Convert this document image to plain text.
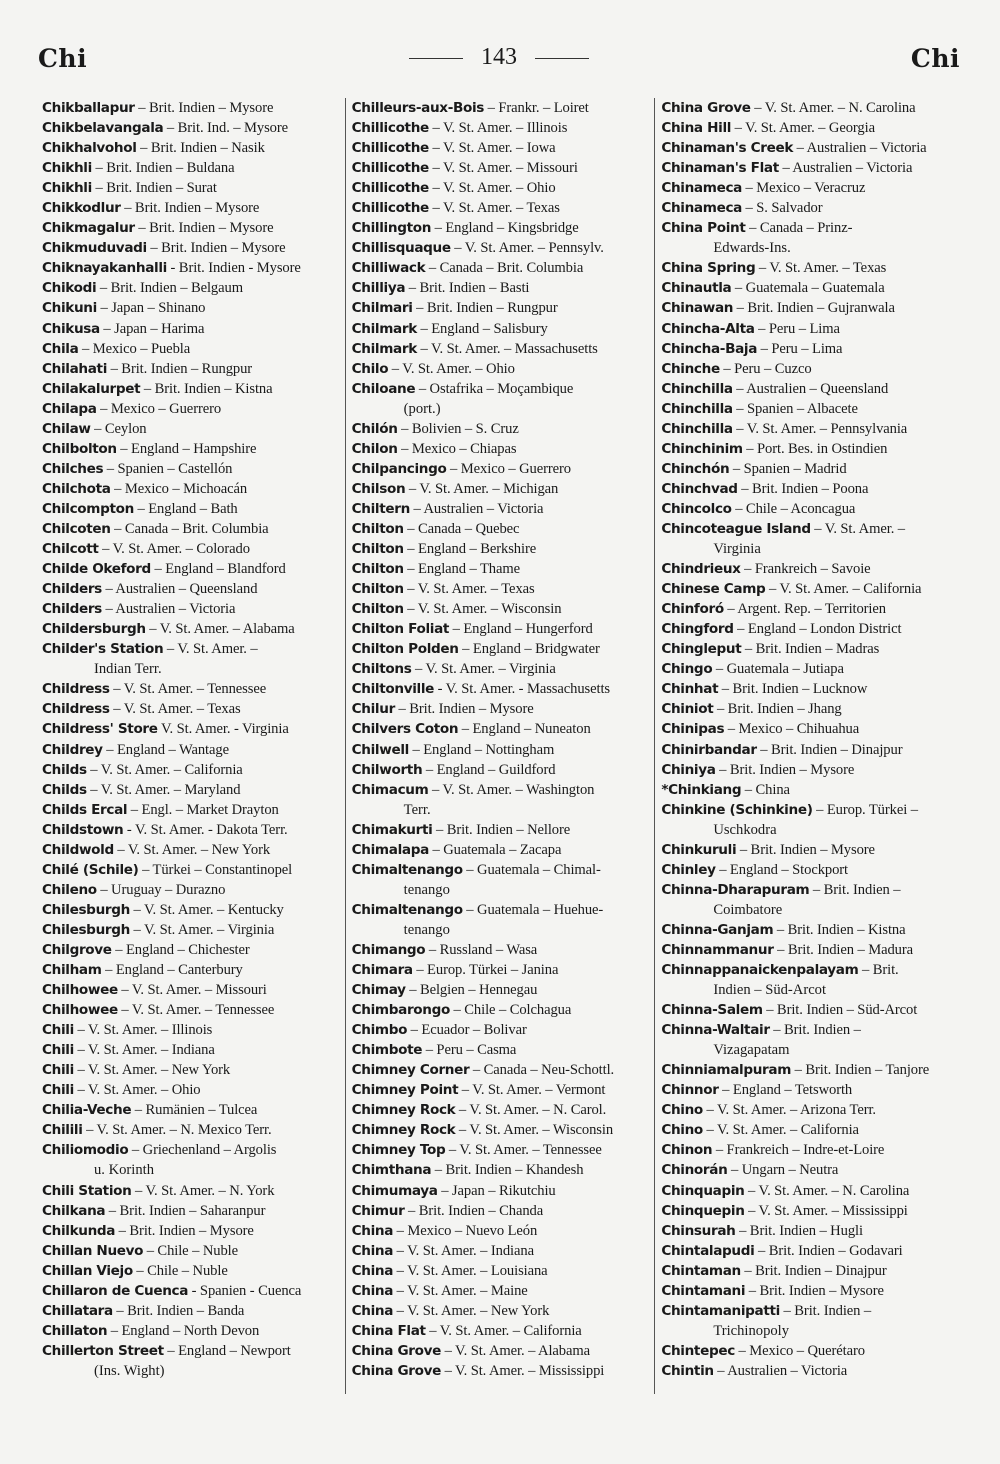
Chi	143	Chi
Chikballapur – Brit. Indien – Mysore
Chikbelavangala – Brit. Ind. – Mysore
Chikhalvohol – Brit. Indien – Nasik
Chikhli – Brit. Indien – Buldana
Chikhli – Brit. Indien – Surat
Chikkodlur – Brit. Indien – Mysore
Chikmagalur – Brit. Indien – Mysore
Chikmuduvadi – Brit. Indien – Mysore
Chiknayakanhalli - Brit. Indien - Mysore
Chikodi – Brit. Indien – Belgaum
Chikuni – Japan – Shinano
Chikusa – Japan – Harima
Chila – Mexico – Puebla
Chilahati – Brit. Indien – Rungpur
Chilakalurpet – Brit. Indien – Kistna
Chilapa – Mexico – Guerrero
Chilaw – Ceylon
Chilbolton – England – Hampshire
Chilches – Spanien – Castellón
Chilchota – Mexico – Michoacán
Chilcompton – England – Bath
Chilcoten – Canada – Brit. Columbia
Chilcott – V. St. Amer. – Colorado
Childe Okeford – England – Blandford
Childers – Australien – Queensland
Childers – Australien – Victoria
Childersburgh – V. St. Amer. – Alabama
Childer's Station – V. St. Amer. –
Indian Terr.
Childress – V. St. Amer. – Tennessee
Childress – V. St. Amer. – Texas
Childress' Store V. St. Amer. - Virginia
Childrey – England – Wantage
Childs – V. St. Amer. – California
Childs – V. St. Amer. – Maryland
Childs Ercal – Engl. – Market Drayton
Childstown - V. St. Amer. - Dakota Terr.
Childwold – V. St. Amer. – New York
Chilé (Schile) – Türkei – Constantinopel
Chileno – Uruguay – Durazno
Chilesburgh – V. St. Amer. – Kentucky
Chilesburgh – V. St. Amer. – Virginia
Chilgrove – England – Chichester
Chilham – England – Canterbury
Chilhowee – V. St. Amer. – Missouri
Chilhowee – V. St. Amer. – Tennessee
Chili – V. St. Amer. – Illinois
Chili – V. St. Amer. – Indiana
Chili – V. St. Amer. – New York
Chili – V. St. Amer. – Ohio
Chilia-Veche – Rumänien – Tulcea
Chilili – V. St. Amer. – N. Mexico Terr.
Chiliomodio – Griechenland – Argolis
u. Korinth
Chili Station – V. St. Amer. – N. York
Chilkana – Brit. Indien – Saharanpur
Chilkunda – Brit. Indien – Mysore
Chillan Nuevo – Chile – Nuble
Chillan Viejo – Chile – Nuble
Chillaron de Cuenca - Spanien - Cuenca
Chillatara – Brit. Indien – Banda
Chillaton – England – North Devon
Chillerton Street – England – Newport
(Ins. Wight)
Chilleurs-aux-Bois – Frankr. – Loiret
Chillicothe – V. St. Amer. – Illinois
Chillicothe – V. St. Amer. – Iowa
Chillicothe – V. St. Amer. – Missouri
Chillicothe – V. St. Amer. – Ohio
Chillicothe – V. St. Amer. – Texas
Chillington – England – Kingsbridge
Chillisquaque – V. St. Amer. – Pennsylv.
Chilliwack – Canada – Brit. Columbia
Chilliya – Brit. Indien – Basti
Chilmari – Brit. Indien – Rungpur
Chilmark – England – Salisbury
Chilmark – V. St. Amer. – Massachusetts
Chilo – V. St. Amer. – Ohio
Chiloane – Ostafrika – Moçambique
(port.)
Chilón – Bolivien – S. Cruz
Chilon – Mexico – Chiapas
Chilpancingo – Mexico – Guerrero
Chilson – V. St. Amer. – Michigan
Chiltern – Australien – Victoria
Chilton – Canada – Quebec
Chilton – England – Berkshire
Chilton – England – Thame
Chilton – V. St. Amer. – Texas
Chilton – V. St. Amer. – Wisconsin
Chilton Foliat – England – Hungerford
Chilton Polden – England – Bridgwater
Chiltons – V. St. Amer. – Virginia
Chiltonville - V. St. Amer. - Massachusetts
Chilur – Brit. Indien – Mysore
Chilvers Coton – England – Nuneaton
Chilwell – England – Nottingham
Chilworth – England – Guildford
Chimacum – V. St. Amer. – Washington
Terr.
Chimakurti – Brit. Indien – Nellore
Chimalapa – Guatemala – Zacapa
Chimaltenango – Guatemala – Chimal-
tenango
Chimaltenango – Guatemala – Huehue-
tenango
Chimango – Russland – Wasa
Chimara – Europ. Türkei – Janina
Chimay – Belgien – Hennegau
Chimbarongo – Chile – Colchagua
Chimbo – Ecuador – Bolivar
Chimbote – Peru – Casma
Chimney Corner – Canada – Neu-Schottl.
Chimney Point – V. St. Amer. – Vermont
Chimney Rock – V. St. Amer. – N. Carol.
Chimney Rock – V. St. Amer. – Wisconsin
Chimney Top – V. St. Amer. – Tennessee
Chimthana – Brit. Indien – Khandesh
Chimumaya – Japan – Rikutchiu
Chimur – Brit. Indien – Chanda
China – Mexico – Nuevo León
China – V. St. Amer. – Indiana
China – V. St. Amer. – Louisiana
China – V. St. Amer. – Maine
China – V. St. Amer. – New York
China Flat – V. St. Amer. – California
China Grove – V. St. Amer. – Alabama
China Grove – V. St. Amer. – Mississippi
China Grove – V. St. Amer. – N. Carolina
China Hill – V. St. Amer. – Georgia
Chinaman's Creek – Australien – Victoria
Chinaman's Flat – Australien – Victoria
Chinameca – Mexico – Veracruz
Chinameca – S. Salvador
China Point – Canada – Prinz-
Edwards-Ins.
China Spring – V. St. Amer. – Texas
Chinautla – Guatemala – Guatemala
Chinawan – Brit. Indien – Gujranwala
Chincha-Alta – Peru – Lima
Chincha-Baja – Peru – Lima
Chinche – Peru – Cuzco
Chinchilla – Australien – Queensland
Chinchilla – Spanien – Albacete
Chinchilla – V. St. Amer. – Pennsylvania
Chinchinim – Port. Bes. in Ostindien
Chinchón – Spanien – Madrid
Chinchvad – Brit. Indien – Poona
Chincolco – Chile – Aconcagua
Chincoteague Island – V. St. Amer. –
Virginia
Chindrieux – Frankreich – Savoie
Chinese Camp – V. St. Amer. – California
Chinforó – Argent. Rep. – Territorien
Chingford – England – London District
Chingleput – Brit. Indien – Madras
Chingo – Guatemala – Jutiapa
Chinhat – Brit. Indien – Lucknow
Chiniot – Brit. Indien – Jhang
Chinipas – Mexico – Chihuahua
Chinirbandar – Brit. Indien – Dinajpur
Chiniya – Brit. Indien – Mysore
*Chinkiang – China
Chinkine (Schinkine) – Europ. Türkei –
Uschkodra
Chinkuruli – Brit. Indien – Mysore
Chinley – England – Stockport
Chinna-Dharapuram – Brit. Indien –
Coimbatore
Chinna-Ganjam – Brit. Indien – Kistna
Chinnammanur – Brit. Indien – Madura
Chinnappanaickenpalayam – Brit.
Indien – Süd-Arcot
Chinna-Salem – Brit. Indien – Süd-Arcot
Chinna-Waltair – Brit. Indien –
Vizagapatam
Chinniamalpuram – Brit. Indien – Tanjore
Chinnor – England – Tetsworth
Chino – V. St. Amer. – Arizona Terr.
Chino – V. St. Amer. – California
Chinon – Frankreich – Indre-et-Loire
Chinorán – Ungarn – Neutra
Chinquapin – V. St. Amer. – N. Carolina
Chinquepin – V. St. Amer. – Mississippi
Chinsurah – Brit. Indien – Hugli
Chintalapudi – Brit. Indien – Godavari
Chintaman – Brit. Indien – Dinajpur
Chintamani – Brit. Indien – Mysore
Chintamanipatti – Brit. Indien –
Trichinopoly
Chintepec – Mexico – Querétaro
Chintin – Australien – Victoria
